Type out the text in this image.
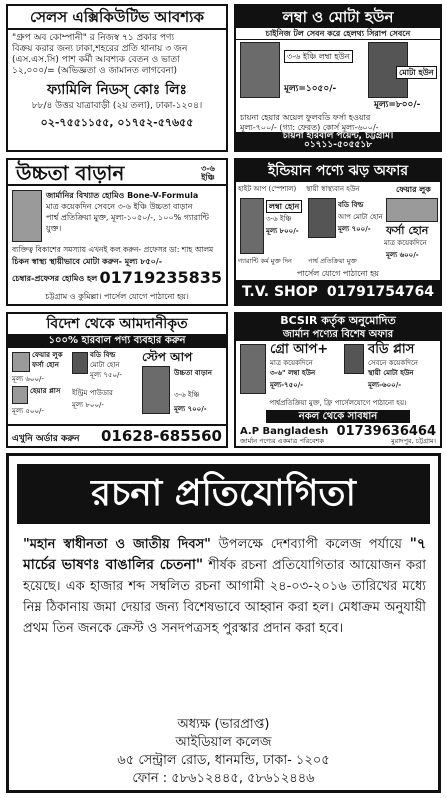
সেলস এক্সিকিউটিভ আবশ্যক
"গ্রুপ অব কোম্পানী" র নিজস্ব ৭১ প্রকার পণ্য
বিক্রয় করার জন্য ঢাকা,শহরের প্রতি থানায় ৩ জন
(এস.এস.সি) পাশ কর্মী আবশ্যক বেতন ও ভাতা
১২,০০০/= (অভিজ্ঞতা ও জামানত লাগবেনা)
ফ্যামিলি নিডস্ কোঃ লিঃ
৮৮/৪ উত্তর যাত্রাবাড়ী (২য় তলা), ঢাকা-১২০৪।
০২-৭৫৫১১৫৫, ০১৭৫২-৫৭৬৫৫
লম্বা ও মোটা হউন
চাইনিজ টল সেবন করে হেলথ্য সিরাপ সেবনে
৩-৬ ইঞ্চি লম্বা হউন
মোটা হউন
মূল্য=১০৫০/-
মূল্য=৮০০/-
চায়না হেয়ার অয়েল ফুলবডি ফর্সা হওয়ার
মূল্য-৭০০/- (গ্যা: ফেরত) কোর্স মূল্য-৬০০/-
চায়না হারবাল পয়েন্ট, চট্টগ্রাম।
০১৭১১-৫০৫৫১৮
উচ্চতা বাড়ান	৩-৬ ইঞ্চি
জার্মানির বিখ্যাত হোমিও Bone-V-Formula
মাত্র কয়েকদিন সেবনে ৩-৬ ইঞ্চি উচ্চতা বাড়ান
পার্শ্ব প্রতিক্রিয়া মুক্ত, মূল্য-১০৫০/-, ১০০% গ্যারান্টি যুক্ত।
ব্যক্তিত্ব বিকাশের সমস্যায় এখনই কল করুন- প্রফেসর ডা: শাহ আলম
চিকন স্বাস্থ্য স্থায়ীভাবে মোটা করুন- মূল্য ৮৫০/-
চেম্বার-প্রফেসর হোমিও হল 01719235835
চট্টগ্রাম ও কুমিল্লা। পার্সেল যোগে পাঠানো হয়।
ইন্ডিয়ান পণ্যে ঝড় অফার
হাইট আপ (স্পেশাল) স্থায়ী স্বাস্থ্যবান হউন	ফেয়ার লুক
লম্বা হোন
৩-৬ ইঞ্চি
মূল্য ৮০০/-
বডি বিল্ড
আপ মোটা হোন
মূল্য ৭০০/- ফর্সা হোন
মাত্র কয়েকদিনে
মূল্য ৬০০/-
গ্যারান্টি কর্ম মুক্ত দিন পার্শ্ব প্রতিক্রিয়া মুক্ত
পার্সেল যোগে পাঠানো হয়
T.V. SHOP 01791754764
বিদেশ থেকে আমদানীকৃত
১০০% হারবাল পণ্য ব্যবহার করুন
ফেয়ার লুক
ফর্সা হোন
মূল্য ৬০০/-
বডি বিল্ড
মোটা হোন
মূল্য ৭৫০/-
স্টেপ আপ
উচ্চতা বাড়ান
৩-৬ ইঞ্চি
মূল্য ৭০০/-
হেয়ার প্লাস
মূল্য ৫০০/-
ইন্ট্রিম পাউডার
মূল্য ৮০০/-
এখুনি অর্ডার করুন 01628-685560
BCSIR কর্তৃক অনুমোদিত
জার্মান পণ্যের বিশেষ অফার
গ্রো আপ+
মাত্র কয়েকদিনে
৩-৬" লম্বা হউন
মূল্য-৭৫০/-
বডি প্লাস
সেবনে কয়েকদিনে
স্থায়ী মোটা হউন
মূল্য-৬০০/-
পার্শ্বপ্রতিক্রিয়া মুক্ত, ফ্রি পার্সেলযোগে পাঠানো হয়।
নকল থেকে সাবধান
A.P Bangladesh 01739636464
জার্মান পণ্যের একমাত্র পরিবেশক	মুরাদপুর, চট্টগ্রাম।
রচনা প্রতিযোগিতা
"মহান স্বাধীনতা ও জাতীয় দিবস" উপলক্ষে দেশব্যাপী কলেজ পর্যায়ে "৭ মার্চের ভাষণঃ বাঙালির চেতনা" শীর্ষক রচনা প্রতিযোগিতার আয়োজন করা হয়েছে। এক হাজার শব্দ সম্বলিত রচনা আগামী ২৪-০৩-২০১৬ তারিখের মধ্যে নিম্ন ঠিকানায় জমা দেয়ার জন্য বিশেষভাবে আহ্বান করা হল। মেধাক্রম অনুযায়ী প্রথম তিন জনকে ক্রেস্ট ও সনদপত্রসহ পুরস্কার প্রদান করা হবে।
অধ্যক্ষ (ভারপ্রাপ্ত)
আইডিয়াল কলেজ
৬৫ সেন্ট্রাল রোড, ধানমন্ডি, ঢাকা- ১২০৫
ফোন : ৫৮৬১২৪৪৫, ৫৮৬১২৪৪৬
